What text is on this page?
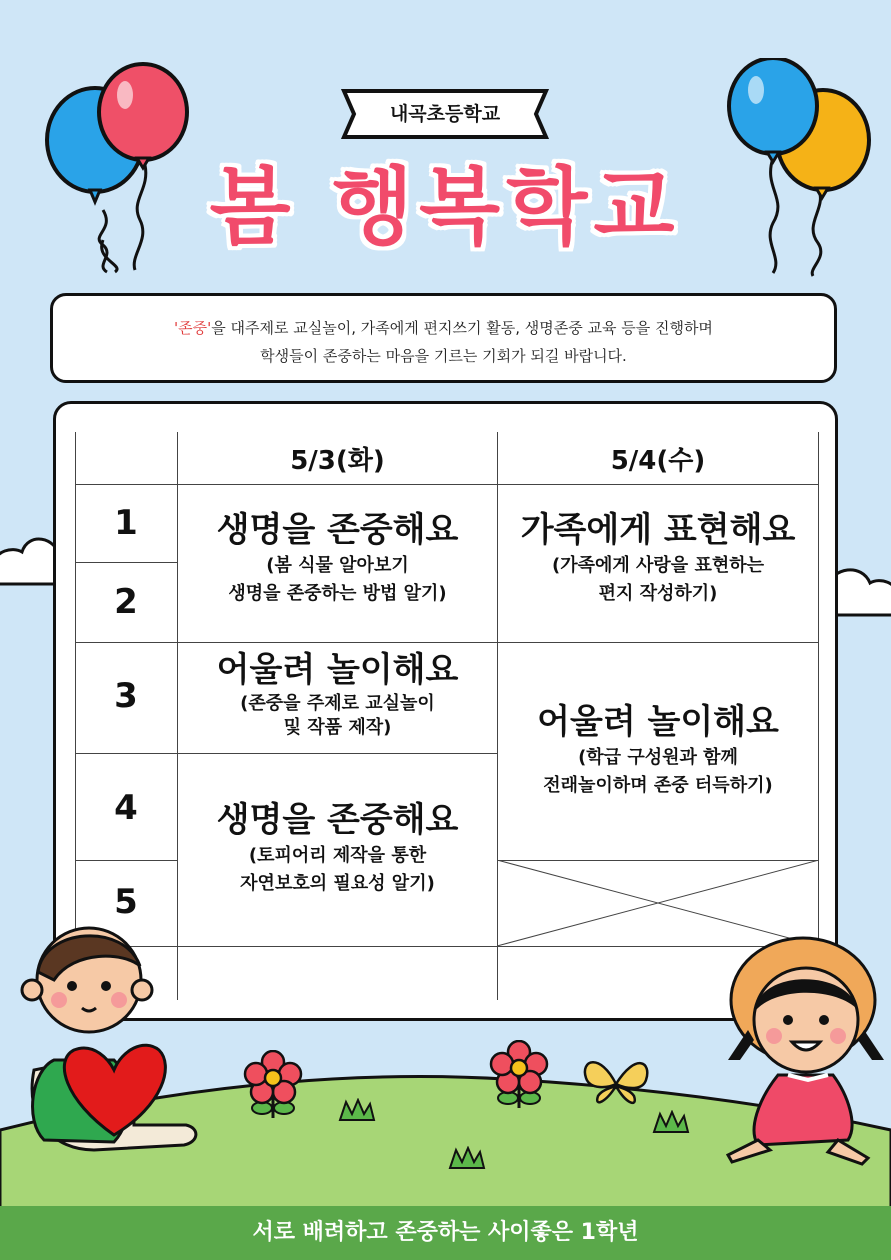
내곡초등학교
봄 행복학교
'존중'을 대주제로 교실놀이, 가족에게 편지쓰기 활동, 생명존중 교육 등을 진행하며
학생들이 존중하는 마음을 기르는 기회가 되길 바랍니다.
5/3(화)	5/4(수)
1
2
3
4
5
생명을 존중해요
(봄 식물 알아보기
생명을 존중하는 방법 알기)
어울려 놀이해요
(존중을 주제로 교실놀이
및 작품 제작)
생명을 존중해요
(토피어리 제작을 통한
자연보호의 필요성 알기)
가족에게 표현해요
(가족에게 사랑을 표현하는
편지 작성하기)
어울려 놀이해요
(학급 구성원과 함께
전래놀이하며 존중 터득하기)
서로 배려하고 존중하는 사이좋은 1학년
